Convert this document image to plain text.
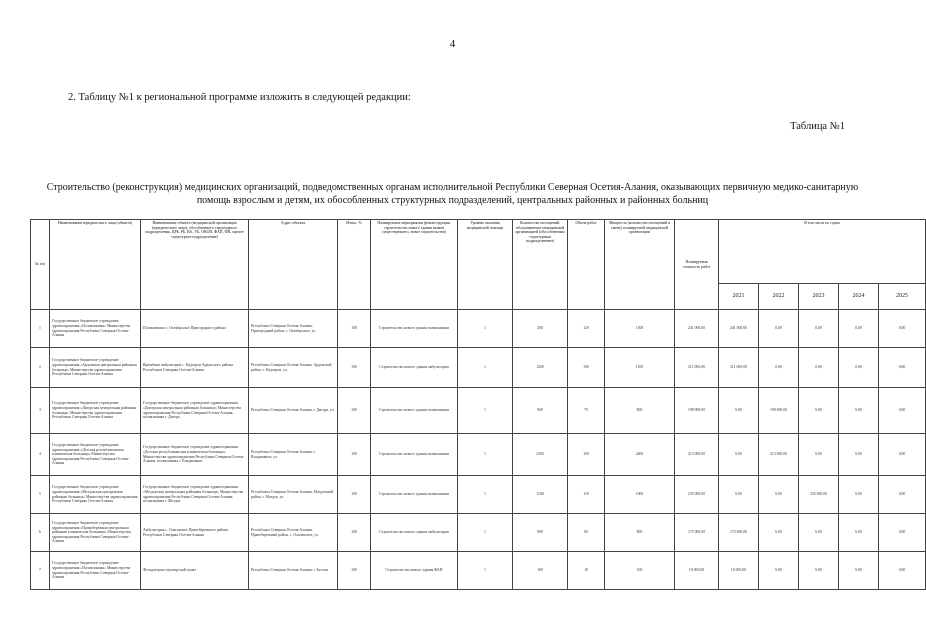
4
2. Таблицу №1 к региональной программе изложить в следующей редакции:
Таблица №1
Строительство (реконструкция) медицинских организаций, подведомственных органам исполнительной Республики Северная Осетия-Алания, оказывающих первичную медико-санитарную помощь взрослым и детям, их обособленных структурных подразделений, центральных районных и районных больниц
№ п/п	Наименование юридического лица (объекта)	Наименование объекта (медицинской организации (юридического лица), обособленного структурного подразделения, ЦРБ, РБ, ВА, УБ, ОВОП, ФАП, ФП, прочее структурное подразделение)	Адрес объекта	Износ, %	Планируемые мероприятия (реконструкция, строительство нового здания взамен существующего, новое строительство)	Уровень оказания медицинской помощи	Количество посещений, обслуживаемое медицинской организацией (обособленным структурным подразделением)	Объем работ	Мощность (количество посещений в смену) планируемой медицинской организации	Планируемая стоимость работ	В том числе по годам				
											2021	2022	2023	2024	2025
1	Государственное бюджетное учреждение здравоохранения «Поликлиника» Министерства здравоохранения Республики Северная Осетия-Алания	Поликлиника с. Октябрьское Пригородного района	Республика Северная Осетия-Алания, Пригородный район, с. Октябрьское, ул.	100	Строительство нового здания поликлиники	1	200	120	1500	241 000,00	241 000,00	0,00	0,00	0,00	0,00
2	Государственное бюджетное учреждение здравоохранения «Ардонская центральная районная больница» Министерства здравоохранения Республики Северная Осетия-Алания	Врачебная амбулатория с. Кадгарон Ардонского района Республики Северная Осетия-Алания	Республика Северная Осетия-Алания, Ардонский район, с. Кадгарон, ул.	100	Строительство нового здания амбулатории	1	1200	100	1100	211 000,00	211 000,00	0,00	0,00	0,00	0,00
3	Государственное бюджетное учреждение здравоохранения «Дигорская центральная районная больница» Министерства здравоохранения Республики Северная Осетия-Алания	Государственное бюджетное учреждение здравоохранения «Дигорская центральная районная больница» Министерства здравоохранения Республики Северная Осетия-Алания, поликлиника г. Дигора	Республика Северная Осетия-Алания, г. Дигора, ул.	100	Строительство нового здания поликлиники	1	900	70	800	198 000,00	0,00	198 000,00	0,00	0,00	0,00
4	Государственное бюджетное учреждение здравоохранения «Детская республиканская клиническая больница» Министерства здравоохранения Республики Северная Осетия-Алания	Государственное бюджетное учреждение здравоохранения «Детская республиканская клиническая больница» Министерства здравоохранения Республики Северная Осетия-Алания, поликлиника г. Владикавказ	Республика Северная Осетия-Алания, г. Владикавказ, ул.	100	Строительство нового здания поликлиники	1	2500	160	2400	213 000,00	0,00	213 000,00	0,00	0,00	0,00
5	Государственное бюджетное учреждение здравоохранения «Моздокская центральная районная больница» Министерства здравоохранения Республики Северная Осетия-Алания	Государственное бюджетное учреждение здравоохранения «Моздокская центральная районная больница» Министерства здравоохранения Республики Северная Осетия-Алания, поликлиника г. Моздок	Республика Северная Осетия-Алания, Моздокский район, г. Моздок, ул.	100	Строительство нового здания поликлиники	1	1100	110	1000	235 000,00	0,00	0,00	235 000,00	0,00	0,00
6	Государственное бюджетное учреждение здравоохранения «Правобережная центральная районная клиническая больница» Министерства здравоохранения Республики Северная Осетия-Алания	Амбулатория с. Ольгинское Правобережного района Республики Северная Осетия-Алания	Республика Северная Осетия-Алания, Правобережный район, с. Ольгинское, ул.	100	Строительство нового здания амбулатории	1	900	60	800	175 000,00	175 000,00	0,00	0,00	0,00	0,00
7	Государственное бюджетное учреждение здравоохранения «Поликлиника» Министерства здравоохранения Республики Северная Осетия-Алания	Фельдшерско-акушерский пункт	Республика Северная Осетия-Алания, г. Беслан	100	Строительство нового здания ФАП	1	100	10	100	10 000,00	10 000,00	0,00	0,00	0,00	0,00
